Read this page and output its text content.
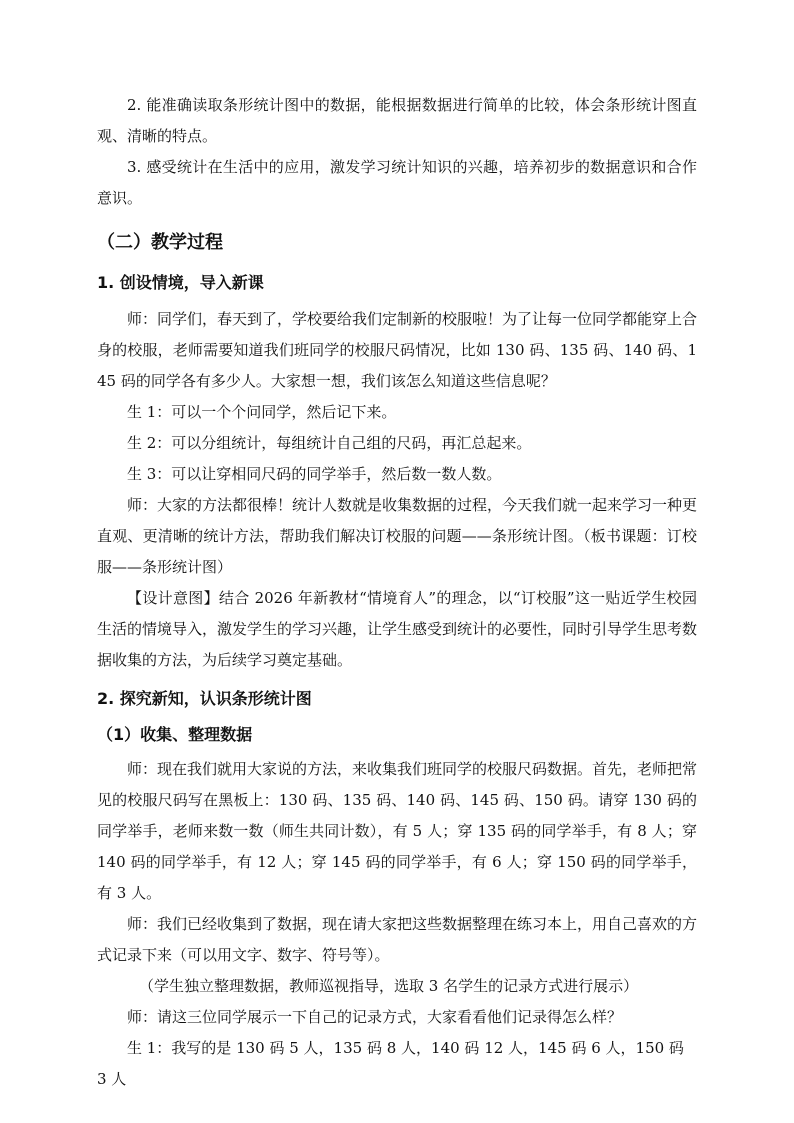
2. 能准确读取条形统计图中的数据，能根据数据进行简单的比较，体会条形统计图直观、清晰的特点。

3. 感受统计在生活中的应用，激发学习统计知识的兴趣，培养初步的数据意识和合作意识。

（二）教学过程
1. 创设情境，导入新课

师：同学们，春天到了，学校要给我们定制新的校服啦！为了让每一位同学都能穿上合身的校服，老师需要知道我们班同学的校服尺码情况，比如 130 码、135 码、140 码、145 码的同学各有多少人。大家想一想，我们该怎么知道这些信息呢？

生 1：可以一个个问同学，然后记下来。

生 2：可以分组统计，每组统计自己组的尺码，再汇总起来。

生 3：可以让穿相同尺码的同学举手，然后数一数人数。

师：大家的方法都很棒！统计人数就是收集数据的过程，今天我们就一起来学习一种更直观、更清晰的统计方法，帮助我们解决订校服的问题——条形统计图。（板书课题：订校服——条形统计图）

【设计意图】结合 2026 年新教材“情境育人”的理念，以“订校服”这一贴近学生校园生活的情境导入，激发学生的学习兴趣，让学生感受到统计的必要性，同时引导学生思考数据收集的方法，为后续学习奠定基础。

2. 探究新知，认识条形统计图
（1）收集、整理数据

师：现在我们就用大家说的方法，来收集我们班同学的校服尺码数据。首先，老师把常见的校服尺码写在黑板上：130 码、135 码、140 码、145 码、150 码。请穿 130 码的同学举手，老师来数一数（师生共同计数），有 5 人；穿 135 码的同学举手，有 8 人；穿 140 码的同学举手，有 12 人；穿 145 码的同学举手，有 6 人；穿 150 码的同学举手，有 3 人。

师：我们已经收集到了数据，现在请大家把这些数据整理在练习本上，用自己喜欢的方式记录下来（可以用文字、数字、符号等）。

（学生独立整理数据，教师巡视指导，选取 3 名学生的记录方式进行展示）

师：请这三位同学展示一下自己的记录方式，大家看看他们记录得怎么样？

生 1：我写的是 130 码 5 人，135 码 8 人，140 码 12 人，145 码 6 人，150 码 3 人
